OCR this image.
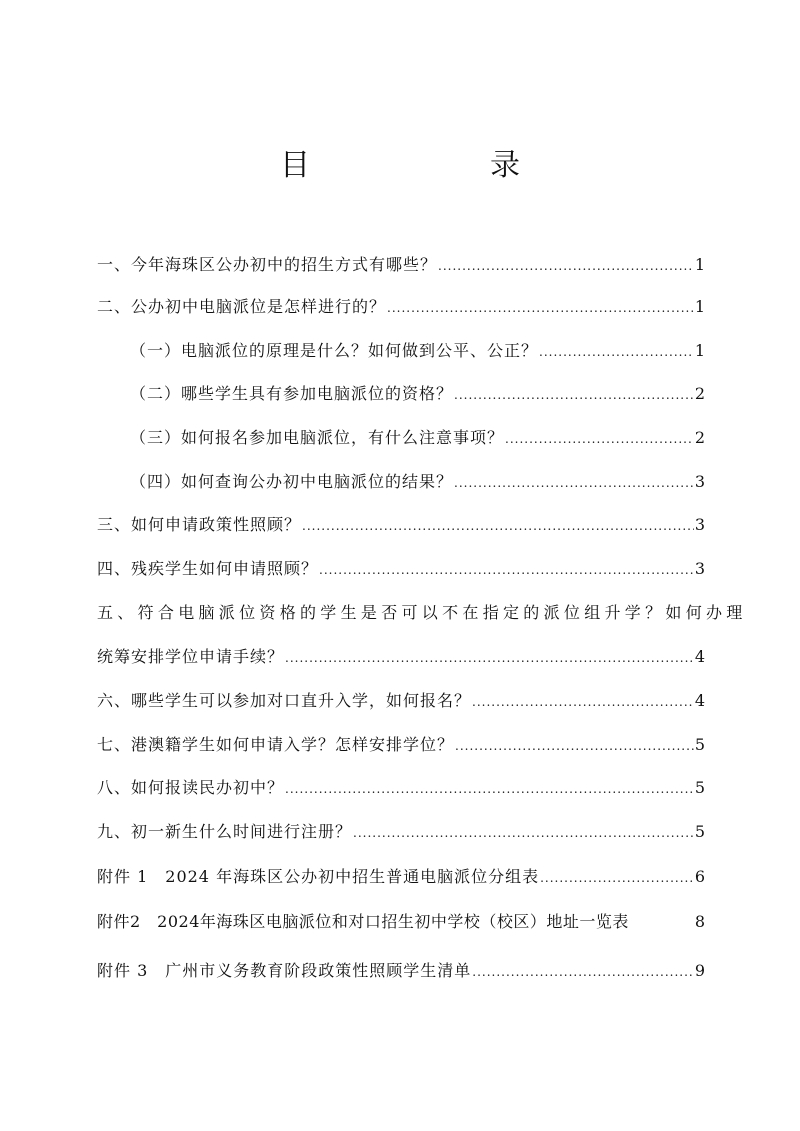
目　　录
一、今年海珠区公办初中的招生方式有哪些？ .....	1
二、公办初中电脑派位是怎样进行的？ .....	1
（一）电脑派位的原理是什么？如何做到公平、公正？ .....	1
（二）哪些学生具有参加电脑派位的资格？ .....	2
（三）如何报名参加电脑派位，有什么注意事项？ .....	2
（四）如何查询公办初中电脑派位的结果？ .....	3
三、如何申请政策性照顾？ .....	3
四、残疾学生如何申请照顾？ .....	3
五、符合电脑派位资格的学生是否可以不在指定的派位组升学？如何办理
统筹安排学位申请手续？ .....	4
六、哪些学生可以参加对口直升入学，如何报名？ .....	4
七、港澳籍学生如何申请入学？怎样安排学位？ .....	5
八、如何报读民办初中？ .....	5
九、初一新生什么时间进行注册？ .....	5
附件 1　2024 年海珠区公办初中招生普通电脑派位分组表 .....	6
附件2　2024年海珠区电脑派位和对口招生初中学校（校区）地址一览表	8
附件 3　广州市义务教育阶段政策性照顾学生清单 .....	9
